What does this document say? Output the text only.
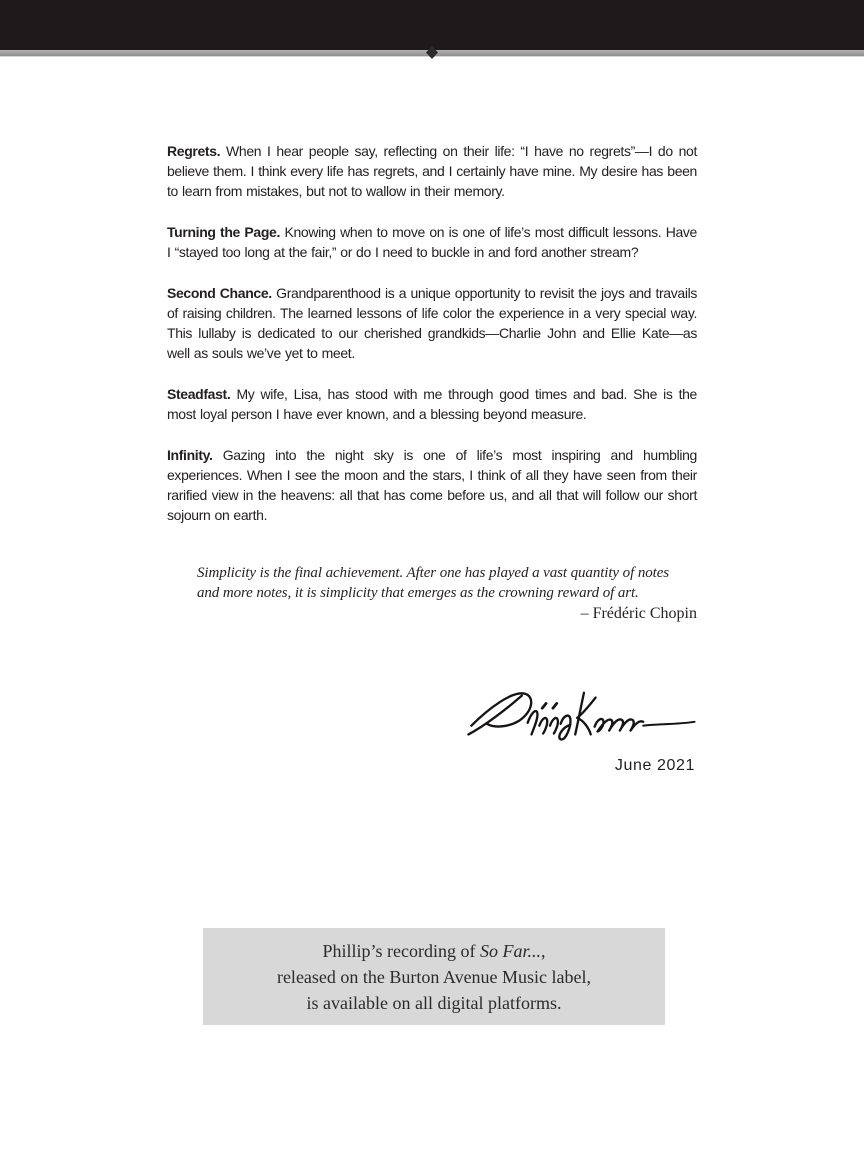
Regrets. When I hear people say, reflecting on their life: “I have no regrets”—I do not believe them. I think every life has regrets, and I certainly have mine. My desire has been to learn from mistakes, but not to wallow in their memory.

Turning the Page. Knowing when to move on is one of life’s most difficult lessons. Have I “stayed too long at the fair,” or do I need to buckle in and ford another stream?

Second Chance. Grandparenthood is a unique opportunity to revisit the joys and travails of raising children. The learned lessons of life color the experience in a very special way. This lullaby is dedicated to our cherished grandkids—Charlie John and Ellie Kate—as well as souls we’ve yet to meet.

Steadfast. My wife, Lisa, has stood with me through good times and bad. She is the most loyal person I have ever known, and a blessing beyond measure.

Infinity. Gazing into the night sky is one of life’s most inspiring and humbling experiences. When I see the moon and the stars, I think of all they have seen from their rarified view in the heavens: all that has come before us, and all that will follow our short sojourn on earth.

Simplicity is the final achievement. After one has played a vast quantity of notes and more notes, it is simplicity that emerges as the crowning reward of art.
– Frédéric Chopin
June 2021
Phillip’s recording of So Far...,
released on the Burton Avenue Music label,
is available on all digital platforms.
